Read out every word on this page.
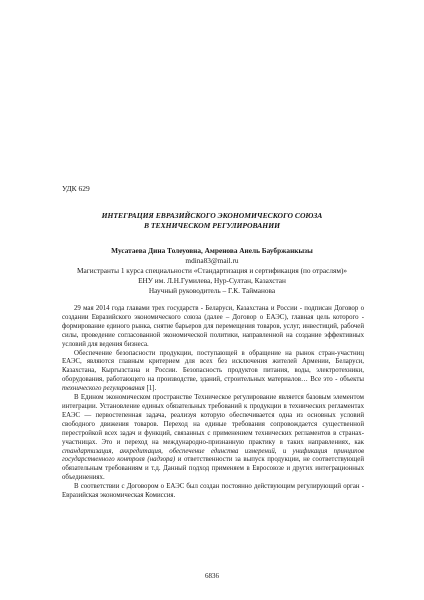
УДК 629
ИНТЕГРАЦИЯ ЕВРАЗИЙСКОГО ЭКОНОМИЧЕСКОГО СОЮЗА
В ТЕХНИЧЕСКОМ РЕГУЛИРОВАНИИ
Мусатаева Дина Толеуовна, Амренова Аиель Баубржанкызы
mdina83@mail.ru
Магистранты 1 курса специальности «Стандартизация и сертификация (по отраслям)»
ЕНУ им. Л.Н.Гумилева, Нур-Султан, Казахстан
Научный руководитель – Г.К. Тайманова

29 мая 2014 года главами трех государств - Беларуси, Казахстана и России - подписан Договор о создании Евразийского экономического союза (далее – Договор о ЕАЭС), главная цель которого - формирование единого рынка, снятие барьеров для перемещения товаров, услуг, инвестиций, рабочей силы, проведение согласованной экономической политики, направленной на создание эффективных условий для ведения бизнеса.

Обеспечение безопасности продукции, поступающей в обращение на рынок стран-участниц ЕАЭС, являются главным критерием для всех без исключения жителей Армении, Беларуси, Казахстана, Кыргызстана и России. Безопасность продуктов питания, воды, электротехники, оборудования, работающего на производстве, зданий, строительных материалов… Все это - объекты технического регулирования [1].

В Едином экономическом пространстве Техническое регулирование является базовым элементом интеграции. Установление единых обязательных требований к продукции в технических регламентах ЕАЭС — первостепенная задача, реализуя которую обеспечивается одна из основных условий свободного движения товаров. Переход на единые требования сопровождается существенной перестройкой всех задач и функций, связанных с применением технических регламентов в странах-участницах. Это и переход на международно-признанную практику в таких направлениях, как стандартизация, аккредитация, обеспечение единства измерений, и унификация принципов государственного контроля (надзора) и ответственности за выпуск продукции, не соответствующей обязательным требованиям и т.д. Данный подход применяем в Евросоюзе и других интеграционных объединениях.

В соответствии с Договором о ЕАЭС был создан постоянно действующим регулирующий орган - Евразийская экономическая Комиссия.

6836
